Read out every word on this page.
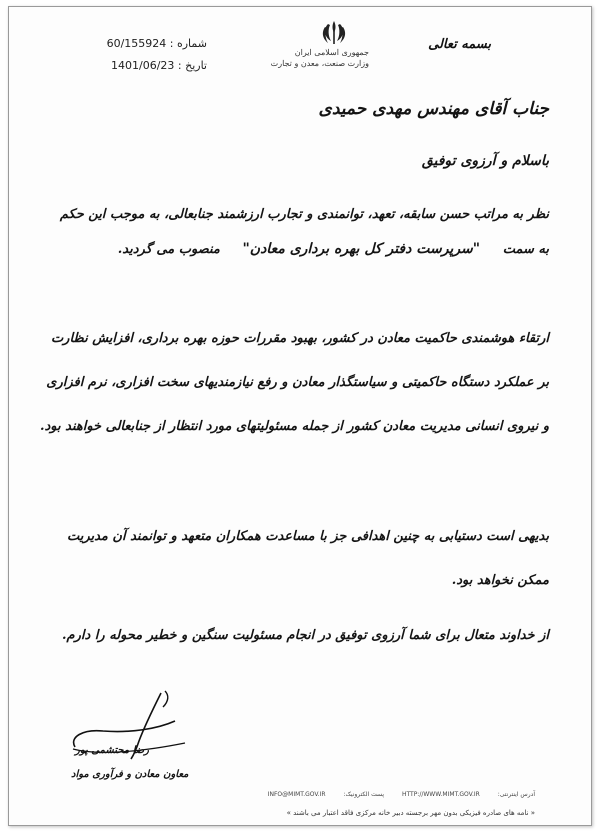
شماره : 60/155924
تاریخ : 1401/06/23
جمهوری اسلامی ایران
وزارت صنعت، معدن و تجارت
بسمه تعالی
جناب آقای مهندس مهدی حمیدی
باسلام و آرزوی توفیق
نظر به مراتب حسن سابقه، تعهد، توانمندی و تجارب ارزشمند جنابعالی، به موجب این حکم به سمت     "سرپرست دفتر کل بهره برداری معادن"     منصوب می گردید.
ارتقاء هوشمندی حاکمیت معادن در کشور، بهبود مقررات حوزه بهره برداری، افزایش نظارت بر عملکرد دستگاه حاکمیتی و سیاستگذار معادن و رفع نیازمندیهای سخت افزاری، نرم افزاری و نیروی انسانی مدیریت معادن کشور از جمله مسئولیتهای مورد انتظار از جنابعالی خواهند بود.
بدیهی است دستیابی به چنین اهدافی جز با مساعدت همکاران متعهد و توانمند آن مدیریت ممکن نخواهد بود.
از خداوند متعال برای شما آرزوی توفیق در انجام مسئولیت سنگین و خطیر محوله را دارم.
رضا محتشمی پور
معاون معادن و فرآوری مواد
آدرس اینترنتی: HTTP://WWW.MIMT.GOV.IR پست الکترونیک: INFO@MIMT.GOV.IR
« نامه های صادره فیزیکی بدون مهر برجسته دبیر خانه مرکزی فاقد اعتبار می باشند »
